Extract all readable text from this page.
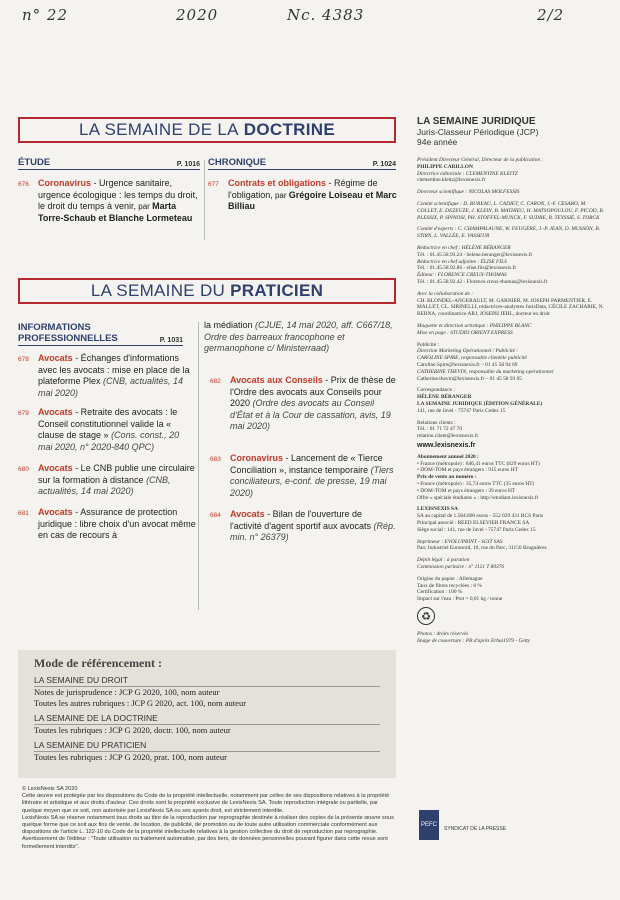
n° 22	2020	Nc. 4383	2/2
LA SEMAINE DE LA DOCTRINE
ÉTUDE	P. 1016
676 Coronavirus - Urgence sanitaire, urgence écologique : les temps du droit, le droit du temps à venir, par Marta Torre-Schaub et Blanche Lormeteau
CHRONIQUE	P. 1024
677 Contrats et obligations - Régime de l'obligation, par Grégoire Loiseau et Marc Billiau
LA SEMAINE DU PRATICIEN
INFORMATIONS PROFESSIONNELLES	P. 1031
678 Avocats - Échanges d'informations avec les avocats : mise en place de la plateforme Plex (CNB, actualités, 14 mai 2020)
679 Avocats - Retraite des avocats : le Conseil constitutionnel valide la « clause de stage » (Cons. const., 20 mai 2020, n° 2020-840 QPC)
680 Avocats - Le CNB publie une circulaire sur la formation à distance (CNB, actualités, 14 mai 2020)
681 Avocats - Assurance de protection juridique : libre choix d'un avocat même en cas de recours à
la médiation (CJUE, 14 mai 2020, aff. C667/18, Ordre des barreaux francophone et germanophone c/ Ministerraad)
682 Avocats aux Conseils - Prix de thèse de l'Ordre des avocats aux Conseils pour 2020 (Ordre des avocats au Conseil d'État et à la Cour de cassation, avis, 19 mai 2020)
683 Coronavirus - Lancement de « Tierce Conciliation », instance temporaire (Tiers conciliateurs, e-conf. de presse, 19 mai 2020)
684 Avocats - Bilan de l'ouverture de l'activité d'agent sportif aux avocats (Rép. min. n° 26379)
Mode de référencement :
LA SEMAINE DU DROIT
Notes de jurisprudence : JCP G 2020, 100, nom auteur
Toutes les autres rubriques : JCP G 2020, act. 100, nom auteur
LA SEMAINE DE LA DOCTRINE
Toutes les rubriques : JCP G 2020, doctr. 100, nom auteur
LA SEMAINE DU PRATICIEN
Toutes les rubriques : JCP G 2020, prat. 100, nom auteur
© LexisNexis SA 2020
Cette œuvre est protégée par les dispositions du Code de la propriété intellectuelle, notamment par celles de ses dispositions relatives à la propriété littéraire et artistique et aux droits d'auteur. Ces droits sont la propriété exclusive de LexisNexis SA. Toute reproduction intégrale ou partielle, par quelque moyen que ce soit, non autorisée par LexisNexis SA ou ses ayants droit, est strictement interdite.
LexisNexis SA se réserve notamment tous droits au titre de la reproduction par reprographie destinée à réaliser des copies de la présente œuvre sous quelque forme que ce soit aux fins de vente, de location, de publicité, de promotion ou de toute autre utilisation commerciale conformément aux dispositions de l'article L. 122-10 du Code de la propriété intellectuelle relatives à la gestion collective du droit de reproduction par reprographie. Avertissement de l'éditeur : "Toute utilisation ou traitement automatisé, par des tiers, de données personnelles pouvant figurer dans cette revue sont formellement interdits".
LA SEMAINE JURIDIQUE
Juris-Classeur Périodique (JCP)
94e année
Président Directeur Général, Directeur de la publication :
PHILIPPE CARILLON
Directrice éditoriale : CLEMENTINE KLEITZ
clementine.kleitz@lexisnexis.fr
Directeur scientifique : NICOLAS MOLFESSIS
Comité scientifique : D. BUREAU, L. CADIET, C. CARON, J.-F. CESARO, M. COLLET, E. DEZEUZE, J. KLEIN, B. MATHIEU, H. MATSOPOULOU, F. PICOD, B. PLESSIX, P. SPINOSI, PH. STOFFEL-MUNCK, F. SUDRE, B. TEYSSIÉ, S. TORCK
Comité d'experts : C. CHAMPALAUNE, W. FEUGÈRE, J.-P. JEAN, D. MUSSON, B. STIRN, L. VALLÉE, E. VASSEUR
Rédactrice en chef : HÉLÈNE BÉRANGER
Tél. : 01.45.58.93.24 - helene.beranger@lexisnexis.fr
Rédactrice en chef adjointe : ÉLISE FILS
Tél. : 01.45.58.92.86 - elise.fils@lexisnexis.fr
Éditeur : FLORENCE CREUX-THOMAS
Tél. : 01.45.58.92.42 - Florence.creux-thomas@lexisnexis.fr
Avec la collaboration de :
CH. BLONDEL-ANGERAULT, M. GARNIER, M. JOSEPH PARMENTIER, E. MALLET, CL. SIRINELLI, rédactrices-analystes JurisData, CÉCILE ZACHARIE, N. BERNA, coordinatrice ARJ, JOSEPH JEHL, docteur en droit
Maquette et direction artistique : PHILIPPE BLANC
Mise en page : STUDIO ORIENT EXPRESS
Publicité :
Direction Marketing Opérationnel / Publicité :
CAROLINE SPIRE, responsable clientèle publicité
Caroline.Spire@lexisnexis.fr – 01 45 58 94 69
CATHERINE THEVIN, responsable du marketing opérationnel
Catherine.thevin@lexisnexis.fr – 01 45 58 93 05
Correspondance :
HÉLÈNE BÉRANGER
LA SEMAINE JURIDIQUE (ÉDITION GÉNÉRALE)
141, rue de Javel - 75747 Paris Cedex 15
Relations clients :
Tél. : 01 71 72 47 70
relation.client@lexisnexis.fr
www.lexisnexis.fr
Abonnement annuel 2020 :
• France (métropole) : 846,41 euros TTC (829 euros HT)
• DOM-TOM et pays étrangers : 915 euros HT
Prix de vente au numéro :
• France (métropole) : 35,74 euros TTC (35 euros HT)
• DOM-TOM et pays étrangers : 39 euros HT
Offre « spéciale étudiants » : http://etudiant.lexisnexis.fr
LEXISNEXIS SA
SA au capital de 1.584.800 euros - 552 029 431 RCS Paris
Principal associé : REED ELSEVIER FRANCE SA
Siège social : 141, rue de Javel - 75747 Paris Cedex 15
Imprimeur : EVOLUPRINT - SGIT SAS
Parc Industriel Euronord, 10, rue du Parc, 31150 Bruguières
Dépôt légal : à parution
Commission paritaire : n° 1121 T 80376
Origine du papier : Allemagne
Taux de fibres recyclées : 6 %
Certification : 100 %
Impact sur l'eau : Ptot = 0,01 kg / tonne
♻
Photos : droits réservés
Image de couverture : PB d'après Erhui1979 - Getty
PEFC
SYNDICAT DE LA PRESSE
